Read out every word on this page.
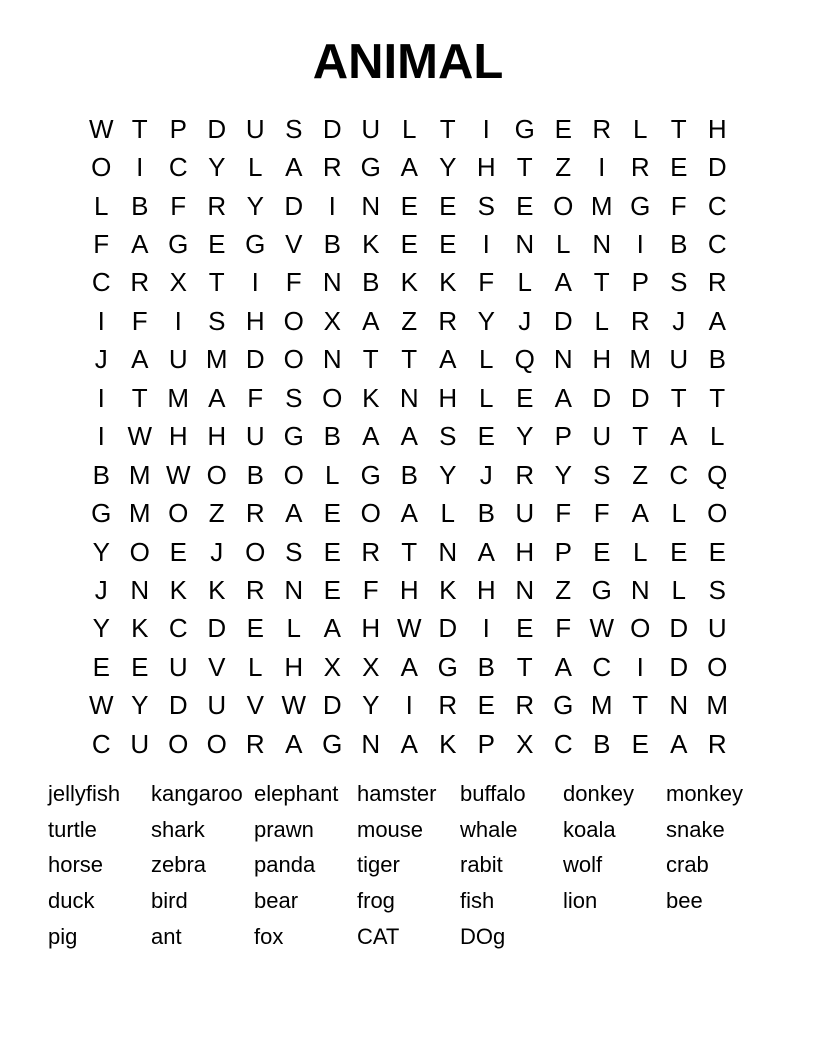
ANIMAL
W T P D U S D U L T	I G E R L T H
O I C Y L A R G A Y H T Z	I R E D
L B F R Y D I N E E S E O M G F C
F A G E G V B K E E	I N L N I	B C
C R X T	I	F N B K K F L A T P S R
I	F	I	S H O X A Z R Y J D L R J A
J A U M D O N T T A L Q N H M U B
I	T M A F S O K N H L E A D D T T
I W H H U G B A A S E Y P U T A L
B M W O B O L G B Y J R Y S Z C Q
G M O Z R A E O A L B U F F A L O
Y O E J O S E R T N A H P E L E E
J N K K R N E F H K H N Z G N L S
Y K C D E L A H W D I	E F W O D U
E E U V L H X X A G B T A C I D O
W Y D U V W D Y	I R E R G M T N M
C U O O R A G N A K P X C B E A R
jellyfish	kangaroo elephant hamster	buffalo	donkey	monkey
turtle	shark	prawn	mouse	whale	koala	snake
horse	zebra	panda	tiger	rabit	wolf	crab
duck	bird	bear	frog	fish	lion	bee
pig	ant	fox	CAT	DOg
